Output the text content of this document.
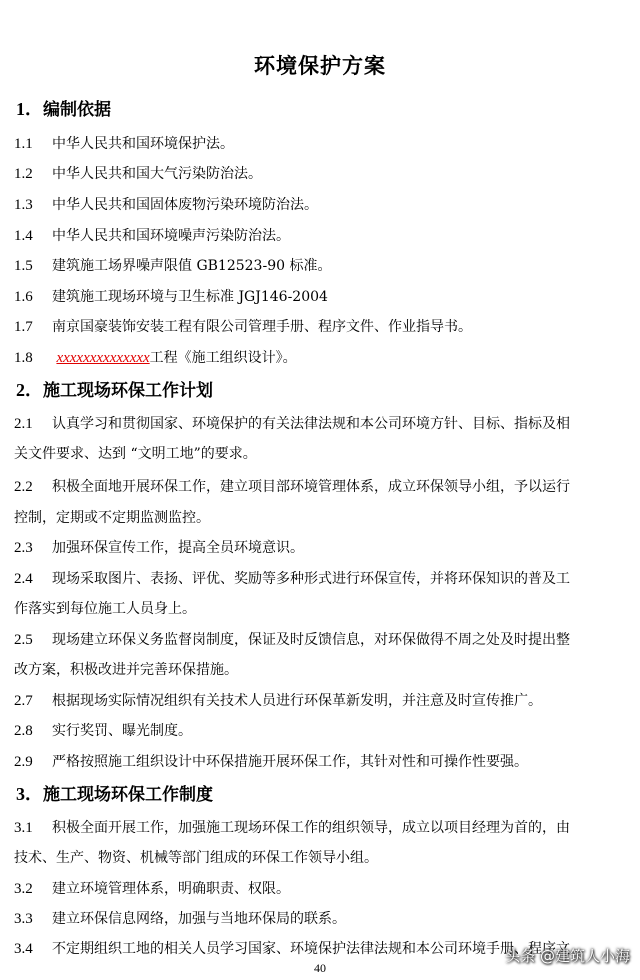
环境保护方案
1．编制依据
1.1 中华人民共和国环境保护法。
1.2 中华人民共和国大气污染防治法。
1.3 中华人民共和国固体废物污染环境防治法。
1.4 中华人民共和国环境噪声污染防治法。
1.5 建筑施工场界噪声限值 GB12523-90 标准。
1.6 建筑施工现场环境与卫生标准 JGJ146-2004
1.7 南京国豪装饰安装工程有限公司管理手册、程序文件、作业指导书。
1.8 xxxxxxxxxxxxxx工程《施工组织设计》。
2．施工现场环保工作计划
2.1 认真学习和贯彻国家、环境保护的有关法律法规和本公司环境方针、目标、指标及相
关文件要求、达到 “文明工地”的要求。
2.2 积极全面地开展环保工作，建立项目部环境管理体系，成立环保领导小组，予以运行
控制，定期或不定期监测监控。
2.3 加强环保宣传工作，提高全员环境意识。
2.4 现场采取图片、表扬、评优、奖励等多种形式进行环保宣传，并将环保知识的普及工
作落实到每位施工人员身上。
2.5 现场建立环保义务监督岗制度，保证及时反馈信息，对环保做得不周之处及时提出整
改方案，积极改进并完善环保措施。
2.7 根据现场实际情况组织有关技术人员进行环保革新发明，并注意及时宣传推广。
2.8 实行奖罚、曝光制度。
2.9 严格按照施工组织设计中环保措施开展环保工作，其针对性和可操作性要强。
3．施工现场环保工作制度
3.1 积极全面开展工作，加强施工现场环保工作的组织领导，成立以项目经理为首的，由
技术、生产、物资、机械等部门组成的环保工作领导小组。
3.2 建立环境管理体系，明确职责、权限。
3.3 建立环保信息网络，加强与当地环保局的联系。
3.4 不定期组织工地的相关人员学习国家、环境保护法律法规和本公司环境手册、程序文
40
头条 @建筑人小海
